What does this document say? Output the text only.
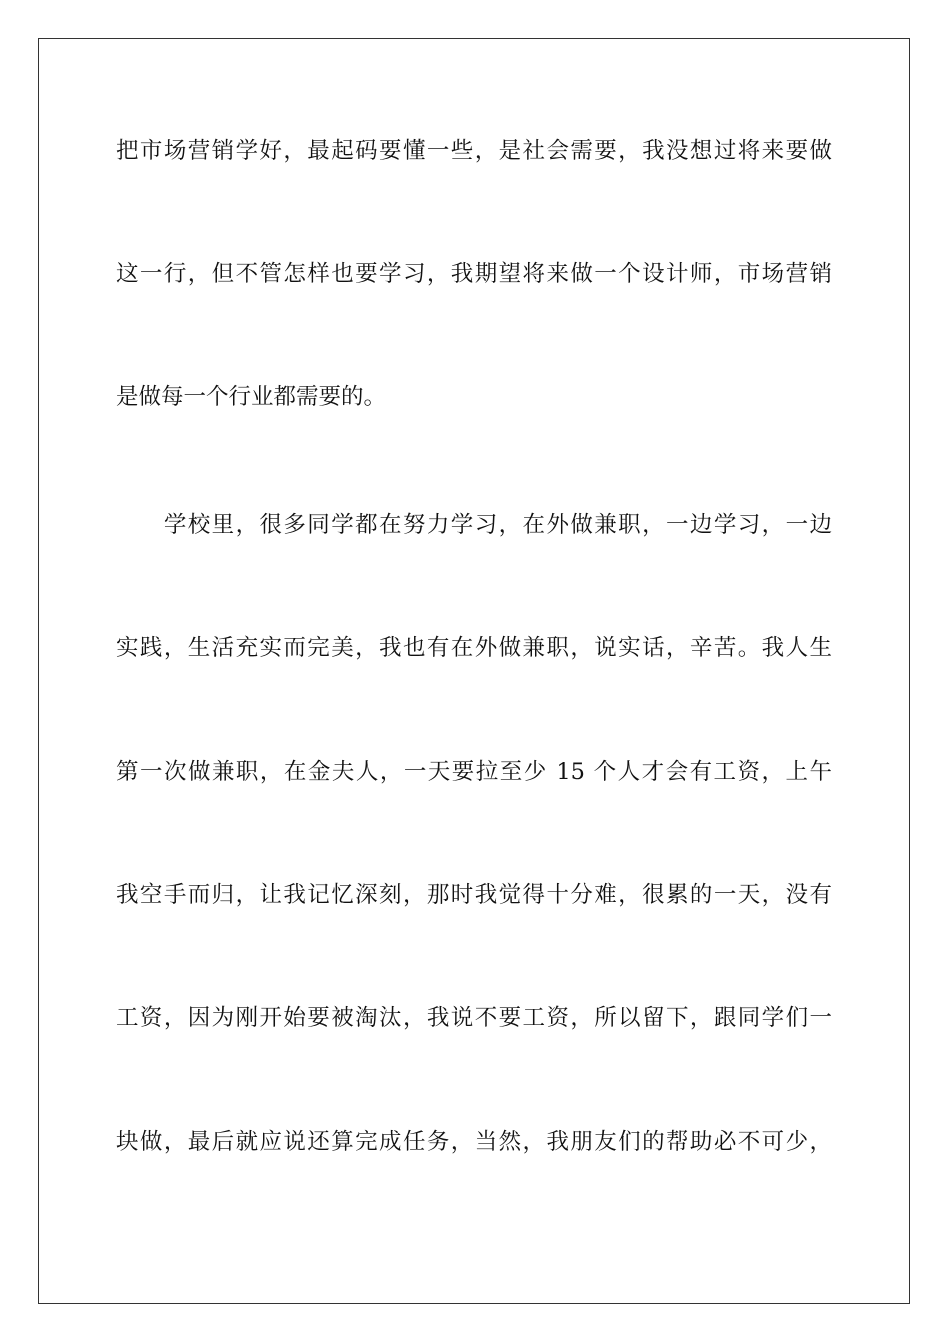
把市场营销学好，最起码要懂一些，是社会需要，我没想过将来要做

这一行，但不管怎样也要学习，我期望将来做一个设计师，市场营销

是做每一个行业都需要的。

　　学校里，很多同学都在努力学习，在外做兼职，一边学习，一边

实践，生活充实而完美，我也有在外做兼职，说实话，辛苦。我人生

第一次做兼职，在金夫人，一天要拉至少 15 个人才会有工资，上午

我空手而归，让我记忆深刻，那时我觉得十分难，很累的一天，没有

工资，因为刚开始要被淘汰，我说不要工资，所以留下，跟同学们一

块做，最后就应说还算完成任务，当然，我朋友们的帮助必不可少，
